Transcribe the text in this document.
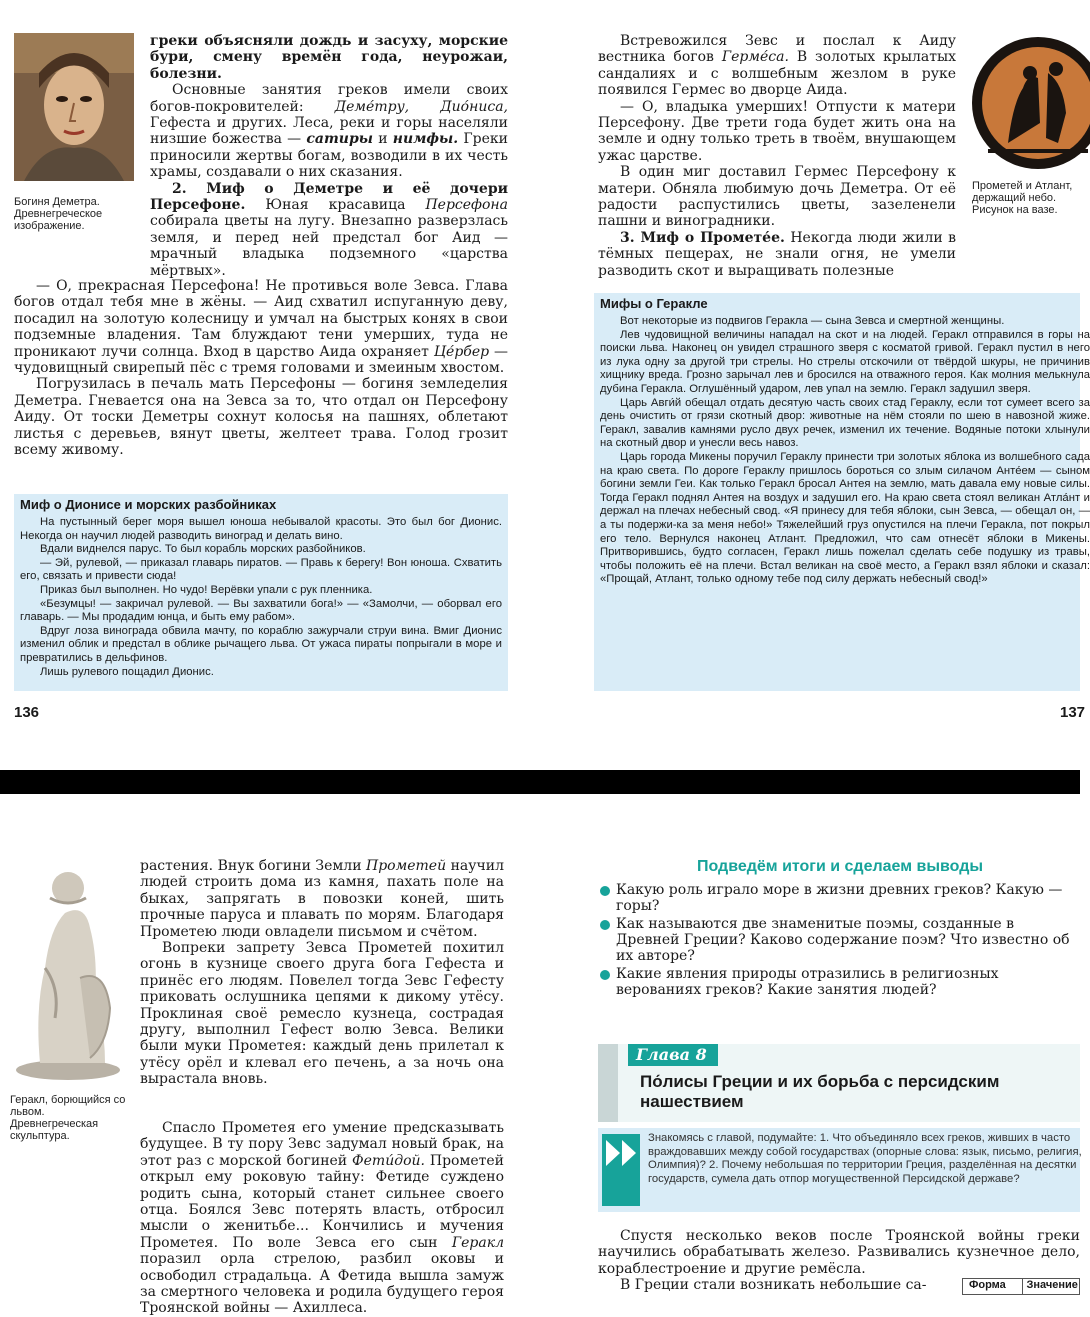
Богиня Деметра. Древнегреческое изображение.

греки объясняли дождь и засуху, морские бури, смену времён года, неурожаи, болезни.

Основные занятия греков имели своих богов-покровителей: Деме́тру, Дио́ниса, Гефеста и других. Леса, реки и горы населяли низшие божества — сатиры и нимфы. Греки приносили жертвы богам, возводили в их честь храмы, создавали о них сказания.

2. Миф о Деметре и её дочери Персефоне. Юная красавица Персефона собирала цветы на лугу. Внезапно разверзлась земля, и перед ней предстал бог Аид — мрачный владыка подземного «царства мёртвых».

— О, прекрасная Персефона! Не противься воле Зевса. Глава богов отдал тебя мне в жёны. — Аид схватил испуганную деву, посадил на золотую колесницу и умчал на быстрых конях в свои подземные владения. Там блуждают тени умерших, туда не проникают лучи солнца. Вход в царство Аида охраняет Це́рбер — чудовищный свирепый пёс с тремя головами и змеиным хвостом.

Погрузилась в печаль мать Персефоны — богиня земледелия Деметра. Гневается она на Зевса за то, что отдал он Персефону Аиду. От тоски Деметры сохнут колосья на пашнях, облетают листья с деревьев, вянут цветы, желтеет трава. Голод грозит всему живому.

Миф о Дионисе и морских разбойниках

На пустынный берег моря вышел юноша небывалой красоты. Это был бог Дионис. Некогда он научил людей разводить виноград и делать вино.

Вдали виднелся парус. То был корабль морских разбойников.

— Эй, рулевой, — приказал главарь пиратов. — Правь к берегу! Вон юноша. Схватить его, связать и привести сюда!

Приказ был выполнен. Но чудо! Верёвки упали с рук пленника.

«Безумцы! — закричал рулевой. — Вы захватили бога!» — «Замолчи, — оборвал его главарь. — Мы продадим юнца, и быть ему рабом».

Вдруг лоза винограда обвила мачту, по кораблю зажурчали струи вина. Вмиг Дионис изменил облик и предстал в облике рычащего льва. От ужаса пираты попрыгали в море и превратились в дельфинов.

Лишь рулевого пощадил Дионис.

136

Встревожился Зевс и послал к Аиду вестника богов Герме́са. В золотых крылатых сандалиях и с волшебным жезлом в руке появился Гермес во дворце Аида.

— О, владыка умерших! Отпусти к матери Персефону. Две трети года будет жить она на земле и одну только треть в твоём, внушающем ужас царстве.

В один миг доставил Гермес Персефону к матери. Обняла любимую дочь Деметра. От её радости распустились цветы, зазеленели пашни и виноградники.

3. Миф о Промете́е. Некогда люди жили в тёмных пещерах, не знали огня, не умели разводить скот и выращивать полезные

Прометей и Атлант, держащий небо. Рисунок на вазе.
Мифы о Геракле

Вот некоторые из подвигов Геракла — сына Зевса и смертной женщины.

Лев чудовищной величины нападал на скот и на людей. Геракл отправился в горы на поиски льва. Наконец он увидел страшного зверя с косматой гривой. Геракл пустил в него из лука одну за другой три стрелы. Но стрелы отскочили от твёрдой шкуры, не причинив хищнику вреда. Грозно зарычал лев и бросился на отважного героя. Как молния мелькнула дубина Геракла. Оглушённый ударом, лев упал на землю. Геракл задушил зверя.

Царь Авги́й обещал отдать десятую часть своих стад Гераклу, если тот сумеет всего за день очистить от грязи скотный двор: животные на нём стояли по шею в навозной жиже. Геракл, завалив камнями русло двух речек, изменил их течение. Водяные потоки хлынули на скотный двор и унесли весь навоз.

Царь города Микены поручил Гераклу принести три золотых яблока из волшебного сада на краю света. По дороге Гераклу пришлось бороться со злым силачом Анте́ем — сыном богини земли Геи. Как только Геракл бросал Антея на землю, мать давала ему новые силы. Тогда Геракл поднял Антея на воздух и задушил его. На краю света стоял великан Атла́нт и держал на плечах небесный свод. «Я принесу для тебя яблоки, сын Зевса, — обещал он, — а ты подержи-ка за меня небо!» Тяжелейший груз опустился на плечи Геракла, пот покрыл его тело. Вернулся наконец Атлант. Предложил, что сам отнесёт яблоки в Микены. Притворившись, будто согласен, Геракл лишь пожелал сделать себе подушку из травы, чтобы положить её на плечи. Встал великан на своё место, а Геракл взял яблоки и сказал: «Прощай, Атлант, только одному тебе под силу держать небесный свод!»

137
Геракл, борющийся со львом. Древнегреческая скульптура.

растения. Внук богини Земли Прометей научил людей строить дома из камня, пахать поле на быках, запрягать в повозки коней, шить прочные паруса и плавать по морям. Благодаря Прометею люди овладели письмом и счётом.

Вопреки запрету Зевса Прометей похитил огонь в кузнице своего друга бога Гефеста и принёс его людям. Повелел тогда Зевс Гефесту приковать ослушника цепями к дикому утёсу. Проклиная своё ремесло кузнеца, сострадая другу, выполнил Гефест волю Зевса. Велики были муки Прометея: каждый день прилетал к утёсу орёл и клевал его печень, а за ночь она вырастала вновь.

Спасло Прометея его умение предсказывать будущее. В ту пору Зевс задумал новый брак, на этот раз с морской богиней Фети́дой. Прометей открыл ему роковую тайну: Фетиде суждено родить сына, который станет сильнее своего отца. Боялся Зевс потерять власть, отбросил мысли о женитьбе... Кончились и мучения Прометея. По воле Зевса его сын Геракл поразил орла стрелою, разбил оковы и освободил страдальца. А Фетида вышла замуж за смертного человека и родила будущего героя Троянской войны — Ахиллеса.

Подведём итоги и сделаем выводы
Какую роль играло море в жизни древних греков? Какую — горы?
Как называются две знаменитые поэмы, созданные в Древней Греции? Каково содержание поэм? Что известно об их авторе?
Какие явления природы отразились в религиозных верованиях греков? Какие занятия людей?
Глава 8
По́лисы Греции и их борьба с персидским нашествием
Знакомясь с главой, подумайте: 1. Что объединяло всех греков, живших в часто враждовавших между собой государствах (опорные слова: язык, письмо, религия, Олимпия)? 2. Почему небольшая по территории Греция, разделённая на десятки государств, сумела дать отпор могущественной Персидской державе?

Спустя несколько веков после Троянской войны греки научились обрабатывать железо. Развивались кузнечное дело, кораблестроение и другие ремёсла.

В Греции стали возникать небольшие са-	Форма	Значение
